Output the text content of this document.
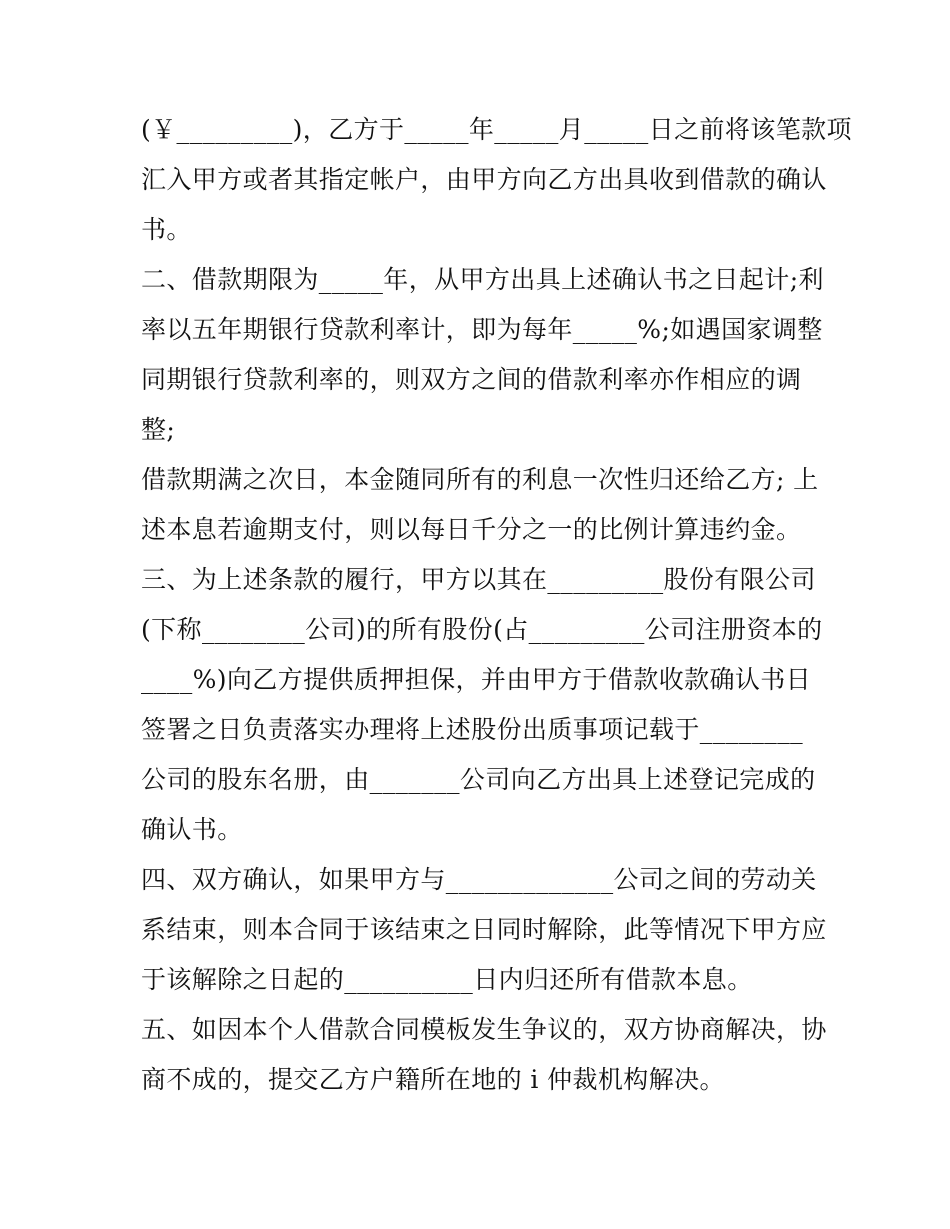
(￥_________)，乙方于_____年_____月_____日之前将该笔款项
汇入甲方或者其指定帐户，由甲方向乙方出具收到借款的确认
书。
二、借款期限为_____年，从甲方出具上述确认书之日起计;利
率以五年期银行贷款利率计，即为每年_____%;如遇国家调整
同期银行贷款利率的，则双方之间的借款利率亦作相应的调
整;
借款期满之次日，本金随同所有的利息一次性归还给乙方; 上
述本息若逾期支付，则以每日千分之一的比例计算违约金。
三、为上述条款的履行，甲方以其在_________股份有限公司
(下称________公司)的所有股份(占_________公司注册资本的
____%)向乙方提供质押担保，并由甲方于借款收款确认书日
签署之日负责落实办理将上述股份出质事项记载于________
公司的股东名册，由_______公司向乙方出具上述登记完成的
确认书。
四、双方确认，如果甲方与_____________公司之间的劳动关
系结束，则本合同于该结束之日同时解除，此等情况下甲方应
于该解除之日起的__________日内归还所有借款本息。
五、如因本个人借款合同模板发生争议的，双方协商解决，协
商不成的，提交乙方户籍所在地的 i 仲裁机构解决。
